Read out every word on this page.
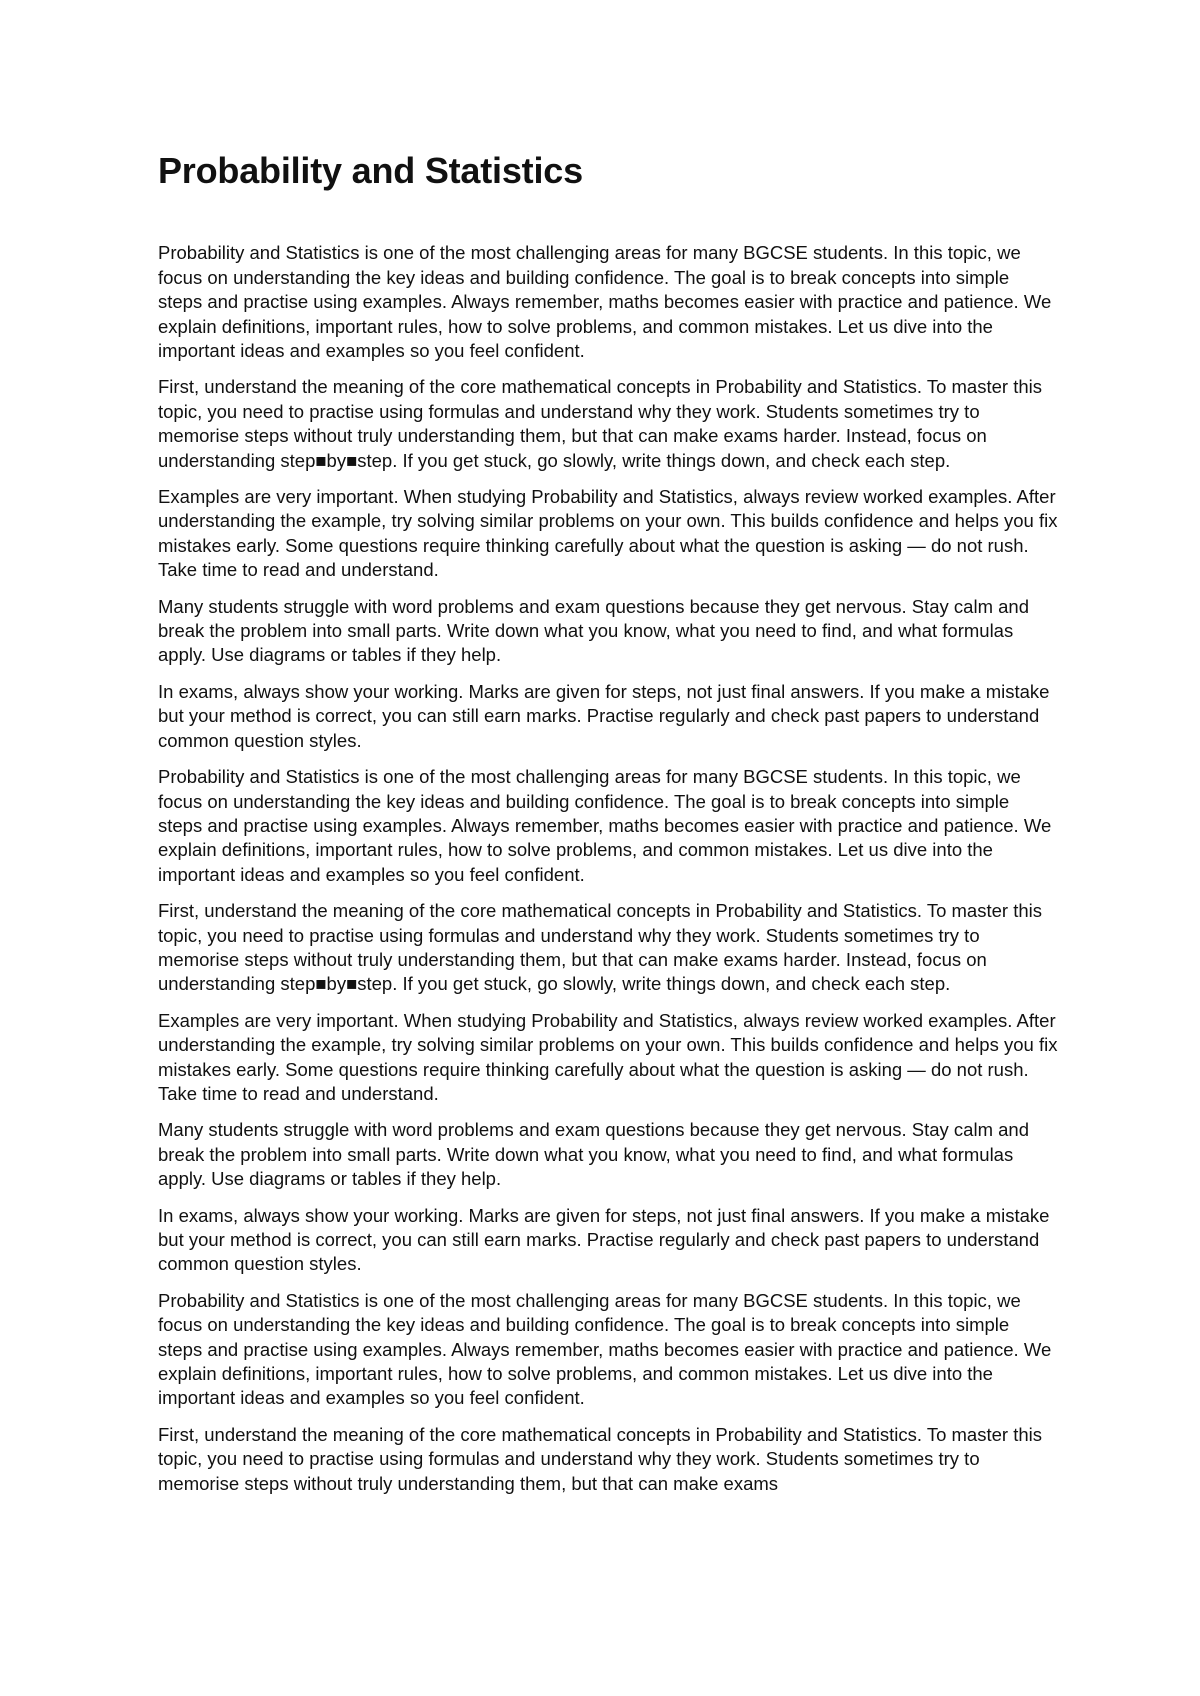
Probability and Statistics

Probability and Statistics is one of the most challenging areas for many BGCSE students. In this topic, we focus on understanding the key ideas and building confidence. The goal is to break concepts into simple steps and practise using examples. Always remember, maths becomes easier with practice and patience. We explain definitions, important rules, how to solve problems, and common mistakes. Let us dive into the important ideas and examples so you feel confident.

First, understand the meaning of the core mathematical concepts in Probability and Statistics. To master this topic, you need to practise using formulas and understand why they work. Students sometimes try to memorise steps without truly understanding them, but that can make exams harder. Instead, focus on understanding step■by■step. If you get stuck, go slowly, write things down, and check each step.

Examples are very important. When studying Probability and Statistics, always review worked examples. After understanding the example, try solving similar problems on your own. This builds confidence and helps you fix mistakes early. Some questions require thinking carefully about what the question is asking — do not rush. Take time to read and understand.

Many students struggle with word problems and exam questions because they get nervous. Stay calm and break the problem into small parts. Write down what you know, what you need to find, and what formulas apply. Use diagrams or tables if they help.

In exams, always show your working. Marks are given for steps, not just final answers. If you make a mistake but your method is correct, you can still earn marks. Practise regularly and check past papers to understand common question styles.

Probability and Statistics is one of the most challenging areas for many BGCSE students. In this topic, we focus on understanding the key ideas and building confidence. The goal is to break concepts into simple steps and practise using examples. Always remember, maths becomes easier with practice and patience. We explain definitions, important rules, how to solve problems, and common mistakes. Let us dive into the important ideas and examples so you feel confident.

First, understand the meaning of the core mathematical concepts in Probability and Statistics. To master this topic, you need to practise using formulas and understand why they work. Students sometimes try to memorise steps without truly understanding them, but that can make exams harder. Instead, focus on understanding step■by■step. If you get stuck, go slowly, write things down, and check each step.

Examples are very important. When studying Probability and Statistics, always review worked examples. After understanding the example, try solving similar problems on your own. This builds confidence and helps you fix mistakes early. Some questions require thinking carefully about what the question is asking — do not rush. Take time to read and understand.

Many students struggle with word problems and exam questions because they get nervous. Stay calm and break the problem into small parts. Write down what you know, what you need to find, and what formulas apply. Use diagrams or tables if they help.

In exams, always show your working. Marks are given for steps, not just final answers. If you make a mistake but your method is correct, you can still earn marks. Practise regularly and check past papers to understand common question styles.

Probability and Statistics is one of the most challenging areas for many BGCSE students. In this topic, we focus on understanding the key ideas and building confidence. The goal is to break concepts into simple steps and practise using examples. Always remember, maths becomes easier with practice and patience. We explain definitions, important rules, how to solve problems, and common mistakes. Let us dive into the important ideas and examples so you feel confident.

First, understand the meaning of the core mathematical concepts in Probability and Statistics. To master this topic, you need to practise using formulas and understand why they work. Students sometimes try to memorise steps without truly understanding them, but that can make exams
